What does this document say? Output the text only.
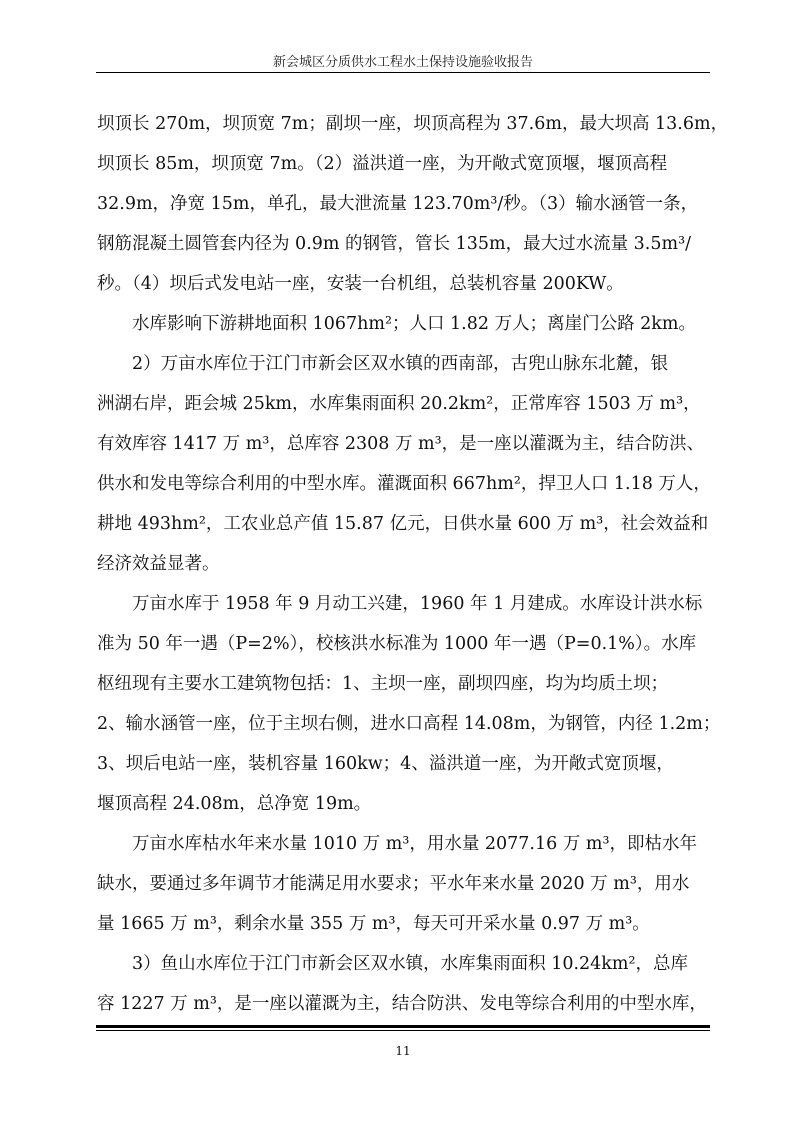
新会城区分质供水工程水土保持设施验收报告
坝顶长 270m，坝顶宽 7m；副坝一座，坝顶高程为 37.6m，最大坝高 13.6m，
坝顶长 85m，坝顶宽 7m。（2）溢洪道一座，为开敞式宽顶堰，堰顶高程
32.9m，净宽 15m，单孔，最大泄流量 123.70m³/秒。（3）输水涵管一条，
钢筋混凝土圆管套内径为 0.9m 的钢管，管长 135m，最大过水流量 3.5m³/
秒。（4）坝后式发电站一座，安装一台机组，总装机容量 200KW。
　　水库影响下游耕地面积 1067hm²；人口 1.82 万人；离崖门公路 2km。
　　2）万亩水库位于江门市新会区双水镇的西南部，古兜山脉东北麓，银
洲湖右岸，距会城 25km，水库集雨面积 20.2km²，正常库容 1503 万 m³，
有效库容 1417 万 m³，总库容 2308 万 m³，是一座以灌溉为主，结合防洪、
供水和发电等综合利用的中型水库。灌溉面积 667hm²，捍卫人口 1.18 万人，
耕地 493hm²，工农业总产值 15.87 亿元，日供水量 600 万 m³，社会效益和
经济效益显著。
　　万亩水库于 1958 年 9 月动工兴建，1960 年 1 月建成。水库设计洪水标
准为 50 年一遇（P=2%），校核洪水标准为 1000 年一遇（P=0.1%）。水库
枢纽现有主要水工建筑物包括：1、主坝一座，副坝四座，均为均质土坝；
2、输水涵管一座，位于主坝右侧，进水口高程 14.08m，为钢管，内径 1.2m；
3、坝后电站一座，装机容量 160kw；4、溢洪道一座，为开敞式宽顶堰，
堰顶高程 24.08m，总净宽 19m。
　　万亩水库枯水年来水量 1010 万 m³，用水量 2077.16 万 m³，即枯水年
缺水，要通过多年调节才能满足用水要求；平水年来水量 2020 万 m³，用水
量 1665 万 m³，剩余水量 355 万 m³，每天可开采水量 0.97 万 m³。
　　3）鱼山水库位于江门市新会区双水镇，水库集雨面积 10.24km²，总库
容 1227 万 m³，是一座以灌溉为主，结合防洪、发电等综合利用的中型水库，
11
